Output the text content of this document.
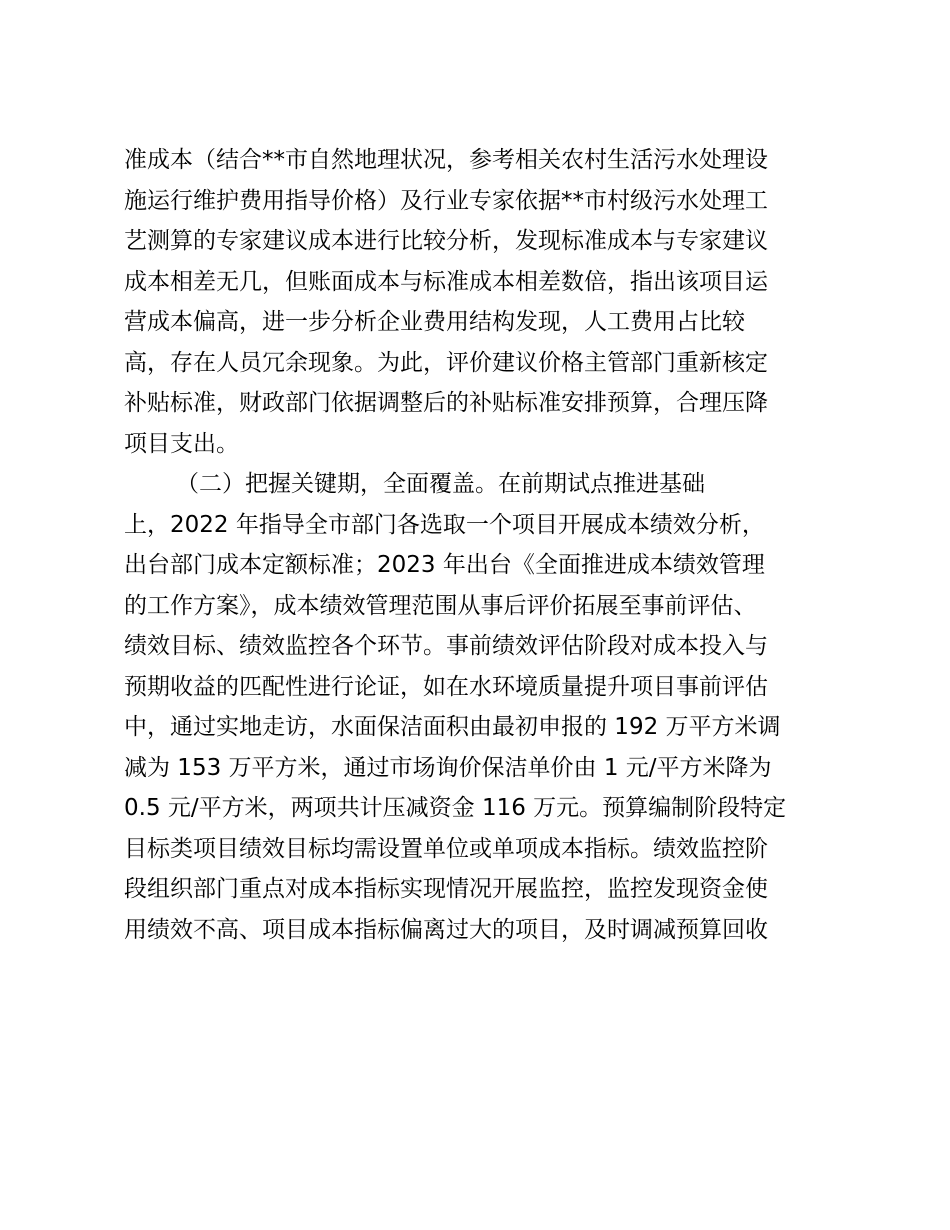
准成本（结合**市自然地理状况，参考相关农村生活污水处理设
施运行维护费用指导价格）及行业专家依据**市村级污水处理工
艺测算的专家建议成本进行比较分析，发现标准成本与专家建议
成本相差无几，但账面成本与标准成本相差数倍，指出该项目运
营成本偏高，进一步分析企业费用结构发现，人工费用占比较
高，存在人员冗余现象。为此，评价建议价格主管部门重新核定
补贴标准，财政部门依据调整后的补贴标准安排预算，合理压降
项目支出。
（二）把握关键期，全面覆盖。在前期试点推进基础
上，2022 年指导全市部门各选取一个项目开展成本绩效分析，
出台部门成本定额标准；2023 年出台《全面推进成本绩效管理
的工作方案》，成本绩效管理范围从事后评价拓展至事前评估、
绩效目标、绩效监控各个环节。事前绩效评估阶段对成本投入与
预期收益的匹配性进行论证，如在水环境质量提升项目事前评估
中，通过实地走访，水面保洁面积由最初申报的 192 万平方米调
减为 153 万平方米，通过市场询价保洁单价由 1 元/平方米降为
0.5 元/平方米，两项共计压减资金 116 万元。预算编制阶段特定
目标类项目绩效目标均需设置单位或单项成本指标。绩效监控阶
段组织部门重点对成本指标实现情况开展监控，监控发现资金使
用绩效不高、项目成本指标偏离过大的项目，及时调减预算回收
